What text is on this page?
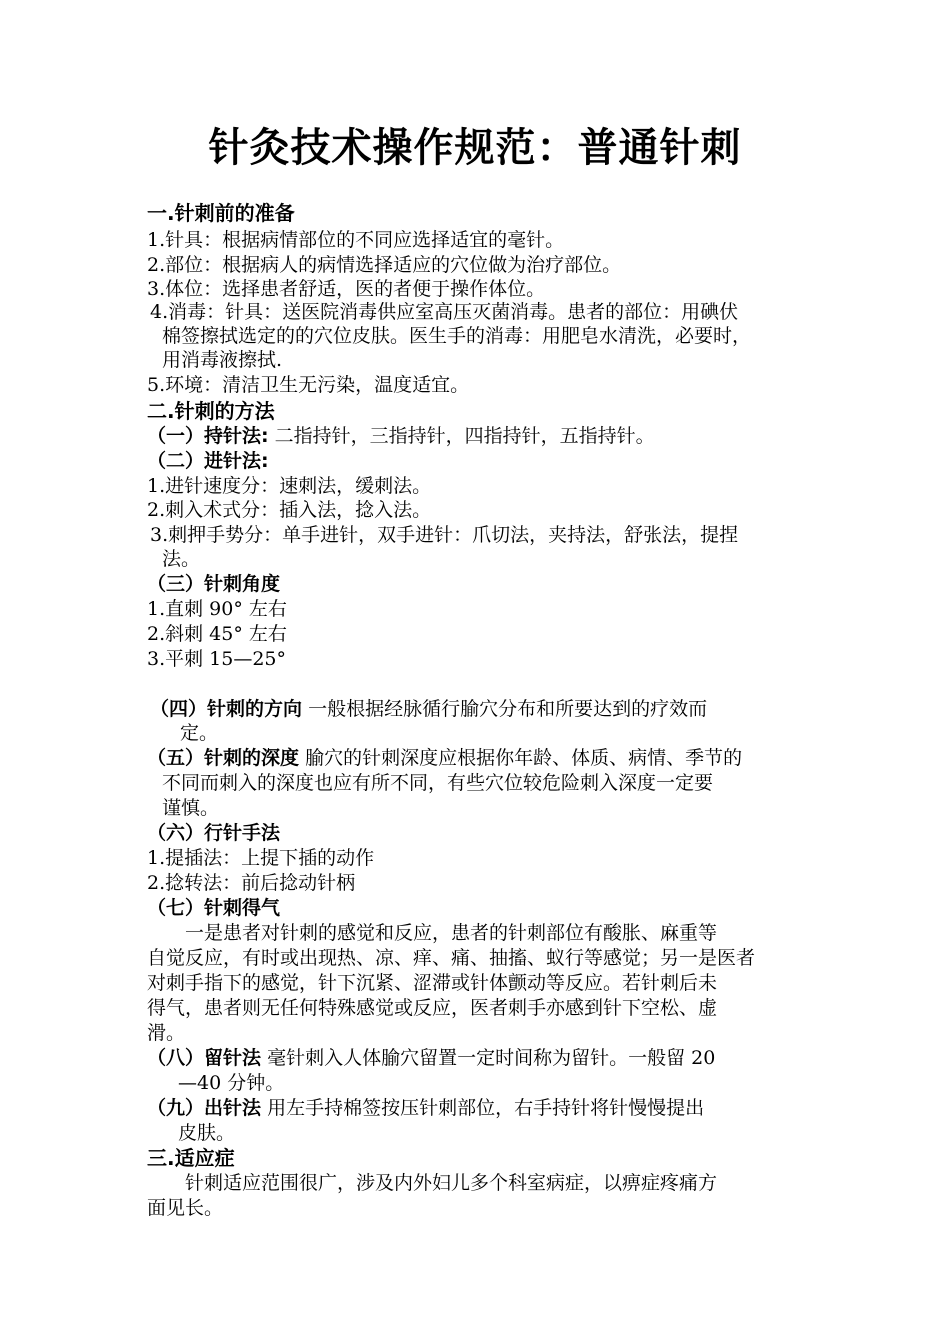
针灸技术操作规范：普通针刺

一.针刺前的准备

1.针具：根据病情部位的不同应选择适宜的毫针。

2.部位：根据病人的病情选择适应的穴位做为治疗部位。

3.体位：选择患者舒适，医的者便于操作体位。

4.消毒：针具：送医院消毒供应室高压灭菌消毒。患者的部位：用碘伏

棉签擦拭选定的的穴位皮肤。医生手的消毒：用肥皂水清洗，必要时，

用消毒液擦拭.

5.环境：清洁卫生无污染，温度适宜。

二.针刺的方法

（一）持针法: 二指持针，三指持针，四指持针，五指持针。

（二）进针法:

1.进针速度分：速刺法，缓刺法。

2.刺入术式分：插入法，捻入法。

3.刺押手势分：单手进针，双手进针：爪切法，夹持法，舒张法，提捏

法。

（三）针刺角度

1.直刺 90° 左右

2.斜刺 45° 左右

3.平刺 15—25°

（四）针刺的方向 一般根据经脉循行腧穴分布和所要达到的疗效而

定。

（五）针刺的深度 腧穴的针刺深度应根据你年龄、体质、病情、季节的

不同而刺入的深度也应有所不同，有些穴位较危险刺入深度一定要

谨慎。

（六）行针手法

1.提插法：上提下插的动作

2.捻转法：前后捻动针柄

（七）针刺得气

一是患者对针刺的感觉和反应，患者的针刺部位有酸胀、麻重等

自觉反应，有时或出现热、凉、痒、痛、抽搐、蚁行等感觉；另一是医者

对刺手指下的感觉，针下沉紧、涩滞或针体颤动等反应。若针刺后未

得气，患者则无任何特殊感觉或反应，医者刺手亦感到针下空松、虚

滑。

（八）留针法 毫针刺入人体腧穴留置一定时间称为留针。一般留 20

—40 分钟。

（九）出针法 用左手持棉签按压针刺部位，右手持针将针慢慢提出

皮肤。

三.适应症

针刺适应范围很广，涉及内外妇儿多个科室病症，以痹症疼痛方

面见长。
